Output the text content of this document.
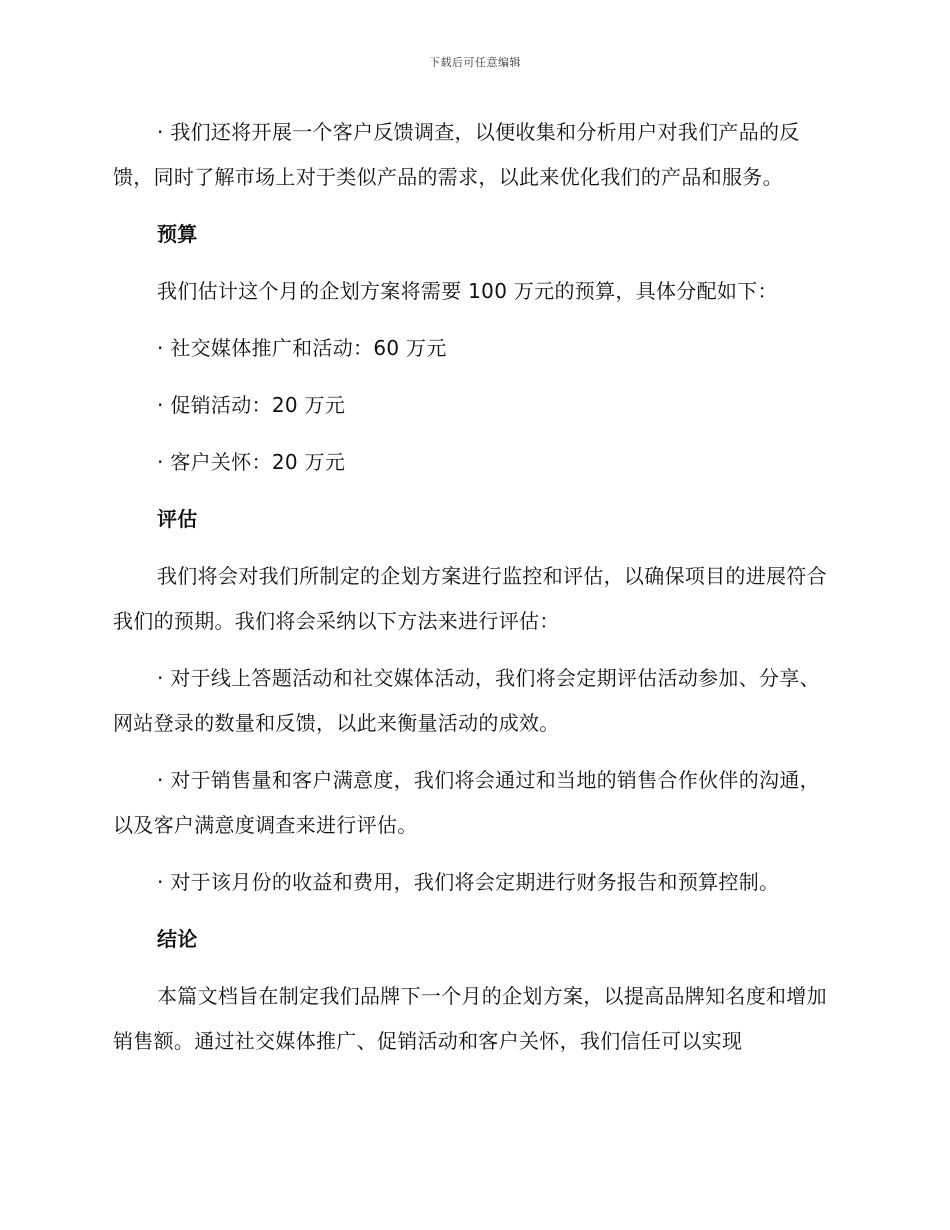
下载后可任意编辑

· 我们还将开展一个客户反馈调查，以便收集和分析用户对我们产品的反馈，同时了解市场上对于类似产品的需求，以此来优化我们的产品和服务。

预算

我们估计这个月的企划方案将需要 100 万元的预算，具体分配如下：

· 社交媒体推广和活动：60 万元

· 促销活动：20 万元

· 客户关怀：20 万元

评估

我们将会对我们所制定的企划方案进行监控和评估，以确保项目的进展符合我们的预期。我们将会采纳以下方法来进行评估：

· 对于线上答题活动和社交媒体活动，我们将会定期评估活动参加、分享、网站登录的数量和反馈，以此来衡量活动的成效。

· 对于销售量和客户满意度，我们将会通过和当地的销售合作伙伴的沟通，以及客户满意度调查来进行评估。

· 对于该月份的收益和费用，我们将会定期进行财务报告和预算控制。

结论

本篇文档旨在制定我们品牌下一个月的企划方案，以提高品牌知名度和增加销售额。通过社交媒体推广、促销活动和客户关怀，我们信任可以实现
